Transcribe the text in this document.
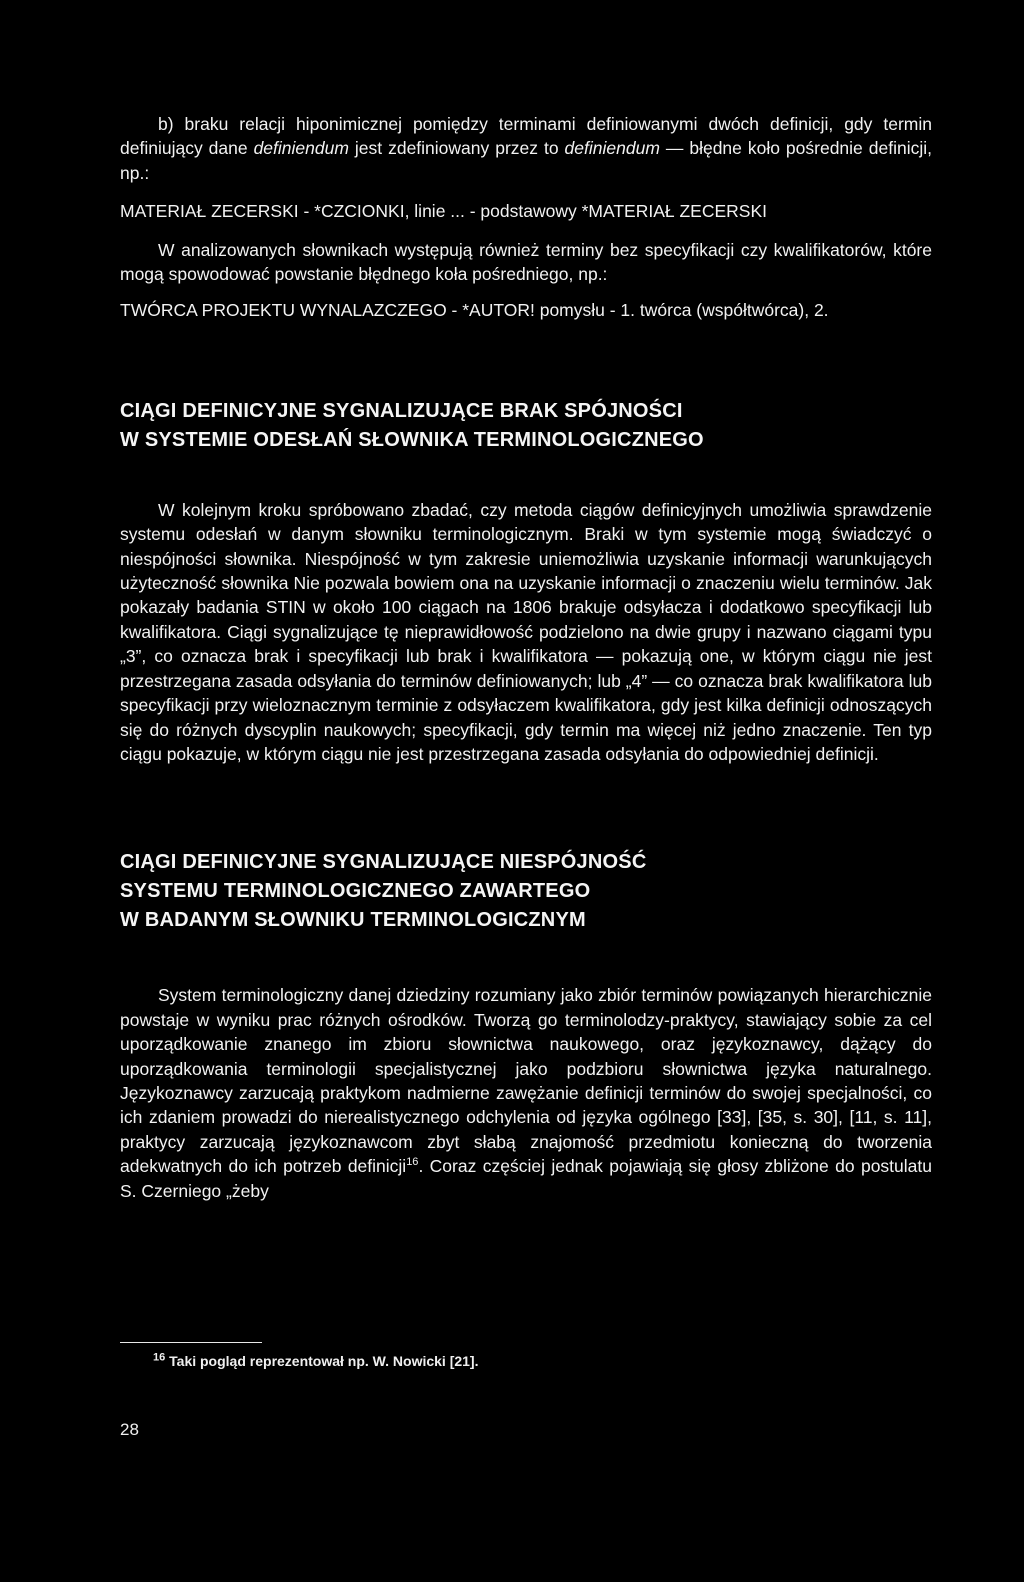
b) braku relacji hiponimicznej pomiędzy terminami definiowanymi dwóch definicji, gdy termin definiujący dane definiendum jest zdefiniowany przez to definiendum — błędne koło pośrednie definicji, np.:

MATERIAŁ ZECERSKI - *CZCIONKI, linie ... - podstawowy *MATERIAŁ ZECERSKI

W analizowanych słownikach występują również terminy bez specyfikacji czy kwalifikatorów, które mogą spowodować powstanie błędnego koła pośredniego, np.:

TWÓRCA PROJEKTU WYNALAZCZEGO - *AUTOR! pomysłu - 1. twórca (współtwórca), 2.

CIĄGI DEFINICYJNE SYGNALIZUJĄCE BRAK SPÓJNOŚCI
W SYSTEMIE ODESŁAŃ SŁOWNIKA TERMINOLOGICZNEGO

W kolejnym kroku spróbowano zbadać, czy metoda ciągów definicyjnych umożliwia sprawdzenie systemu odesłań w danym słowniku terminologicznym. Braki w tym systemie mogą świadczyć o niespójności słownika. Niespójność w tym zakresie uniemożliwia uzyskanie informacji warunkujących użyteczność słownika Nie pozwala bowiem ona na uzyskanie informacji o znaczeniu wielu terminów. Jak pokazały badania STIN w około 100 ciągach na 1806 brakuje odsyłacza i dodatkowo specyfikacji lub kwalifikatora. Ciągi sygnalizujące tę nieprawidłowość podzielono na dwie grupy i nazwano ciągami typu „3”, co oznacza brak i specyfikacji lub brak i kwalifikatora — pokazują one, w którym ciągu nie jest przestrzegana zasada odsyłania do terminów definiowanych; lub „4” — co oznacza brak kwalifikatora lub specyfikacji przy wieloznacznym terminie z odsyłaczem kwalifikatora, gdy jest kilka definicji odnoszących się do różnych dyscyplin naukowych; specyfikacji, gdy termin ma więcej niż jedno znaczenie. Ten typ ciągu pokazuje, w którym ciągu nie jest przestrzegana zasada odsyłania do odpowiedniej definicji.

CIĄGI DEFINICYJNE SYGNALIZUJĄCE NIESPÓJNOŚĆ
SYSTEMU TERMINOLOGICZNEGO ZAWARTEGO
W BADANYM SŁOWNIKU TERMINOLOGICZNYM

System terminologiczny danej dziedziny rozumiany jako zbiór terminów powiązanych hierarchicznie powstaje w wyniku prac różnych ośrodków. Tworzą go terminolodzy-praktycy, stawiający sobie za cel uporządkowanie znanego im zbioru słownictwa naukowego, oraz językoznawcy, dążący do uporządkowania terminologii specjalistycznej jako podzbioru słownictwa języka naturalnego. Językoznawcy zarzucają praktykom nadmierne zawężanie definicji terminów do swojej specjalności, co ich zdaniem prowadzi do nierealistycznego odchylenia od języka ogólnego [33], [35, s. 30], [11, s. 11], praktycy zarzucają językoznawcom zbyt słabą znajomość przedmiotu konieczną do tworzenia adekwatnych do ich potrzeb definicji$^{16}$. Coraz częściej jednak pojawiają się głosy zbliżone do postulatu S. Czerniego „żeby

$^{16}$ Taki pogląd reprezentował np. W. Nowicki [21].
28
